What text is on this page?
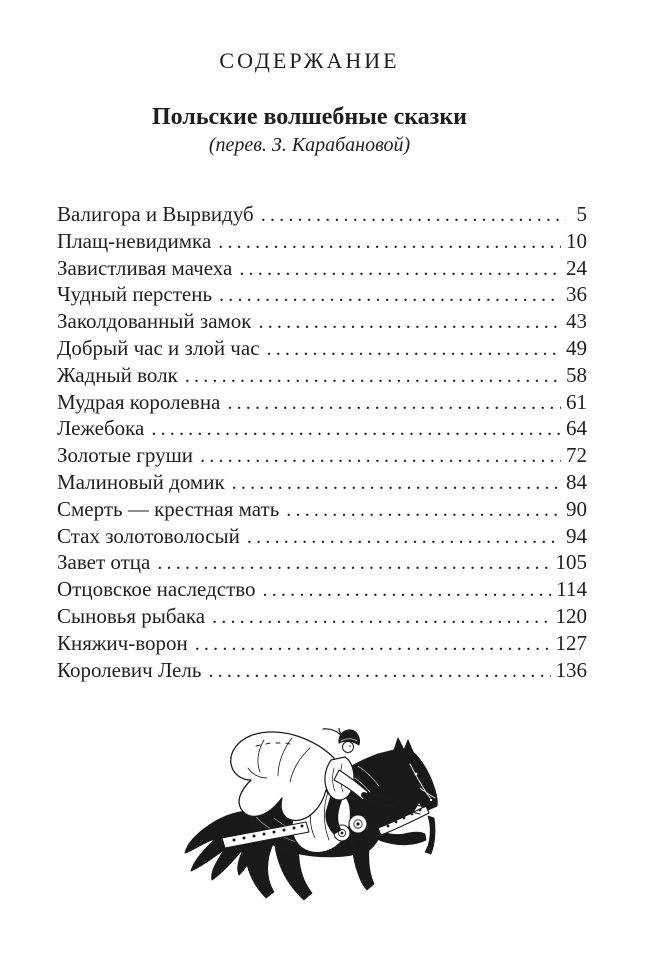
СОДЕРЖАНИЕ
Польские волшебные сказки
(перев. З. Карабановой)
Валигора и Вырвидуб .....	5
Плащ-невидимка .....	10
Завистливая мачеха .....	24
Чудный перстень .....	36
Заколдованный замок .....	43
Добрый час и злой час .....	49
Жадный волк .....	58
Мудрая королевна .....	61
Лежебока .....	64
Золотые груши .....	72
Малиновый домик .....	84
Смерть — крестная мать .....	90
Стах золотоволосый .....	94
Завет отца .....	105
Отцовское наследство .....	114
Сыновья рыбака .....	120
Княжич-ворон .....	127
Королевич Лель .....	136
